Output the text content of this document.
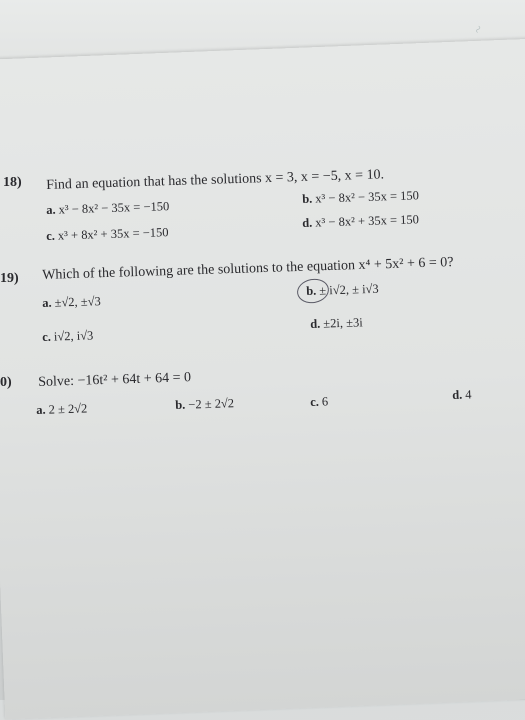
~
18) Find an equation that has the solutions x = 3, x = −5, x = 10.
a. x³ − 8x² − 35x = −150
b. x³ − 8x² − 35x = 150
c. x³ + 8x² + 35x = −150
d. x³ − 8x² + 35x = 150
19) Which of the following are the solutions to the equation x⁴ + 5x² + 6 = 0?
a. ±√2, ±√3
b. ± i√2, ± i√3
c. i√2, i√3
d. ±2i, ±3i
0) Solve: −16t² + 64t + 64 = 0
a. 2 ± 2√2	b. −2 ± 2√2	c. 6	d. 4
